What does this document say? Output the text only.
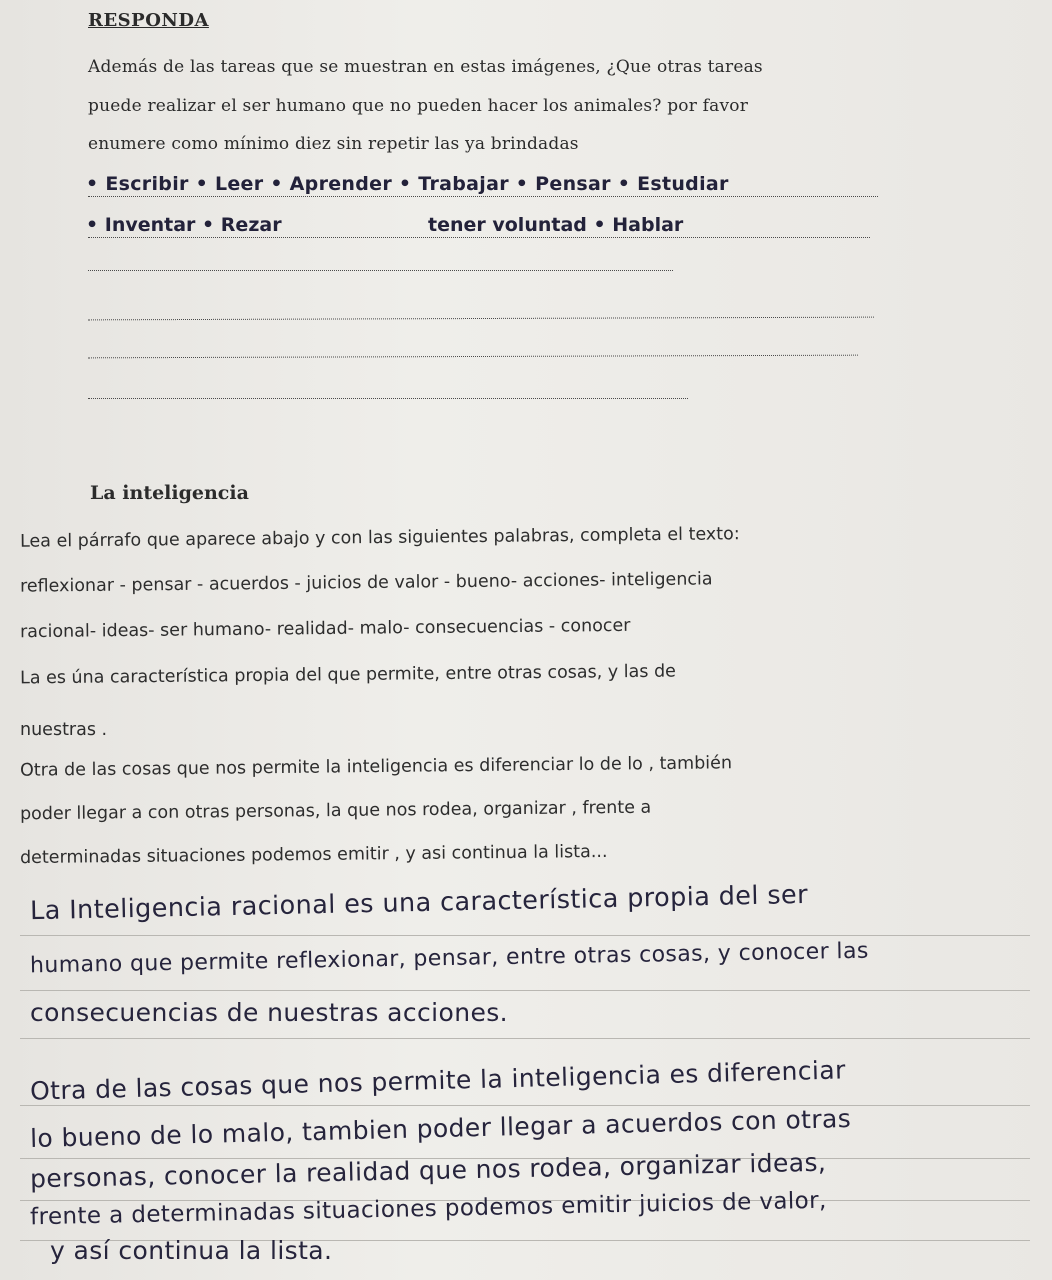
RESPONDA
Además de las tareas que se muestran en estas imágenes, ¿Que otras tareas
puede realizar el ser humano que no pueden hacer los animales? por favor
enumere como mínimo diez sin repetir las ya brindadas
• Escribir • Leer • Aprender • Trabajar • Pensar • Estudiar
• Inventar • Rezar	tener voluntad • Hablar
La inteligencia
Lea el párrafo que aparece abajo y con las siguientes palabras, completa el texto:
reflexionar - pensar - acuerdos - juicios de valor - bueno- acciones- inteligencia
racional- ideas- ser humano- realidad- malo- consecuencias - conocer
La es úna característica propia del que permite, entre otras cosas, y las de
nuestras .
Otra de las cosas que nos permite la inteligencia es diferenciar lo de lo , también
poder llegar a con otras personas, la que nos rodea, organizar , frente a
determinadas situaciones podemos emitir , y asi continua la lista...
La Inteligencia racional es una característica propia del ser
humano que permite reflexionar, pensar, entre otras cosas, y conocer las
consecuencias de nuestras acciones.
Otra de las cosas que nos permite la inteligencia es diferenciar
lo bueno de lo malo, tambien poder llegar a acuerdos con otras
personas, conocer la realidad que nos rodea, organizar ideas,
frente a determinadas situaciones podemos emitir juicios de valor,
y así continua la lista.
